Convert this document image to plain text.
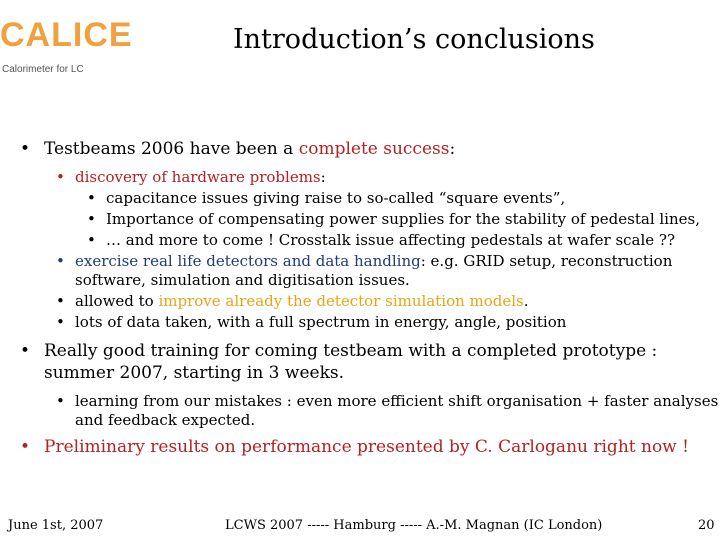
CALICE
Calorimeter for LC
Introduction’s conclusions
• Testbeams 2006 have been a complete success:
• discovery of hardware problems:
• capacitance issues giving raise to so-called “square events”,
• Importance of compensating power supplies for the stability of pedestal lines,
• … and more to come ! Crosstalk issue affecting pedestals at wafer scale ??
• exercise real life detectors and data handling: e.g. GRID setup, reconstruction software, simulation and digitisation issues.
• allowed to improve already the detector simulation models.
• lots of data taken, with a full spectrum in energy, angle, position
• Really good training for coming testbeam with a completed prototype : summer 2007, starting in 3 weeks.
• learning from our mistakes : even more efficient shift organisation + faster analyses and feedback expected.
• Preliminary results on performance presented by C. Carloganu right now !
June 1st, 2007	LCWS 2007 ----- Hamburg ----- A.-M. Magnan (IC London)	20
